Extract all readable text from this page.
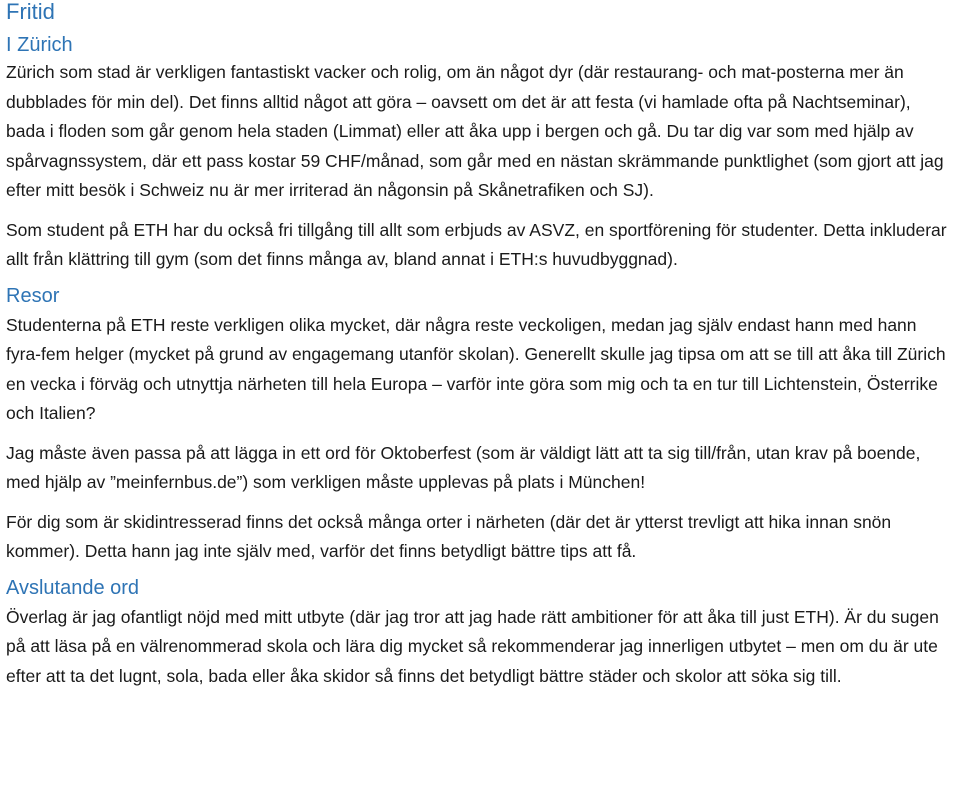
Fritid
I Zürich

Zürich som stad är verkligen fantastiskt vacker och rolig, om än något dyr (där restaurang- och mat-posterna mer än dubblades för min del). Det finns alltid något att göra – oavsett om det är att festa (vi hamlade ofta på Nachtseminar), bada i floden som går genom hela staden (Limmat) eller att åka upp i bergen och gå. Du tar dig var som med hjälp av spårvagnssystem, där ett pass kostar 59 CHF/månad, som går med en nästan skrämmande punktlighet (som gjort att jag efter mitt besök i Schweiz nu är mer irriterad än någonsin på Skånetrafiken och SJ).

Som student på ETH har du också fri tillgång till allt som erbjuds av ASVZ, en sportförening för studenter. Detta inkluderar allt från klättring till gym (som det finns många av, bland annat i ETH:s huvudbyggnad).

Resor

Studenterna på ETH reste verkligen olika mycket, där några reste veckoligen, medan jag själv endast hann med hann fyra-fem helger (mycket på grund av engagemang utanför skolan). Generellt skulle jag tipsa om att se till att åka till Zürich en vecka i förväg och utnyttja närheten till hela Europa – varför inte göra som mig och ta en tur till Lichtenstein, Österrike och Italien?

Jag måste även passa på att lägga in ett ord för Oktoberfest (som är väldigt lätt att ta sig till/från, utan krav på boende, med hjälp av ”meinfernbus.de”) som verkligen måste upplevas på plats i München!

För dig som är skidintresserad finns det också många orter i närheten (där det är ytterst trevligt att hika innan snön kommer). Detta hann jag inte själv med, varför det finns betydligt bättre tips att få.

Avslutande ord

Överlag är jag ofantligt nöjd med mitt utbyte (där jag tror att jag hade rätt ambitioner för att åka till just ETH). Är du sugen på att läsa på en välrenommerad skola och lära dig mycket så rekommenderar jag innerligen utbytet – men om du är ute efter att ta det lugnt, sola, bada eller åka skidor så finns det betydligt bättre städer och skolor att söka sig till.
